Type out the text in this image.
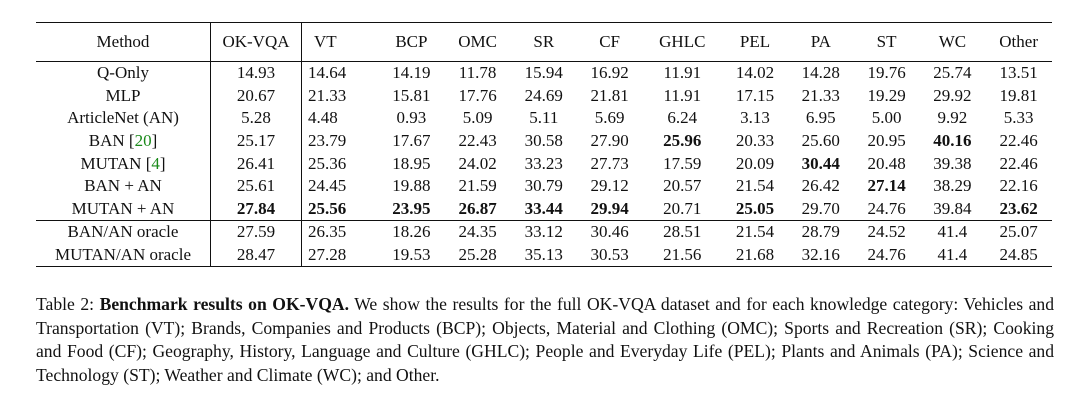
Method	OK-VQA	VT	BCP	OMC	SR	CF	GHLC	PEL	PA	ST	WC	Other
Q-Only	14.93	14.64	14.19	11.78	15.94	16.92	11.91	14.02	14.28	19.76	25.74	13.51
MLP	20.67	21.33	15.81	17.76	24.69	21.81	11.91	17.15	21.33	19.29	29.92	19.81
ArticleNet (AN)	5.28	4.48	0.93	5.09	5.11	5.69	6.24	3.13	6.95	5.00	9.92	5.33
BAN [20]	25.17	23.79	17.67	22.43	30.58	27.90	25.96	20.33	25.60	20.95	40.16	22.46
MUTAN [4]	26.41	25.36	18.95	24.02	33.23	27.73	17.59	20.09	30.44	20.48	39.38	22.46
BAN + AN	25.61	24.45	19.88	21.59	30.79	29.12	20.57	21.54	26.42	27.14	38.29	22.16
MUTAN + AN	27.84	25.56	23.95	26.87	33.44	29.94	20.71	25.05	29.70	24.76	39.84	23.62
BAN/AN oracle	27.59	26.35	18.26	24.35	33.12	30.46	28.51	21.54	28.79	24.52	41.4	25.07
MUTAN/AN oracle	28.47	27.28	19.53	25.28	35.13	30.53	21.56	21.68	32.16	24.76	41.4	24.85
Table 2: Benchmark results on OK-VQA. We show the results for the full OK-VQA dataset and for each knowledge category: Vehicles and Transportation (VT); Brands, Companies and Products (BCP); Objects, Material and Clothing (OMC); Sports and Recreation (SR); Cooking and Food (CF); Geography, History, Language and Culture (GHLC); People and Everyday Life (PEL); Plants and Animals (PA); Science and Technology (ST); Weather and Climate (WC); and Other.
